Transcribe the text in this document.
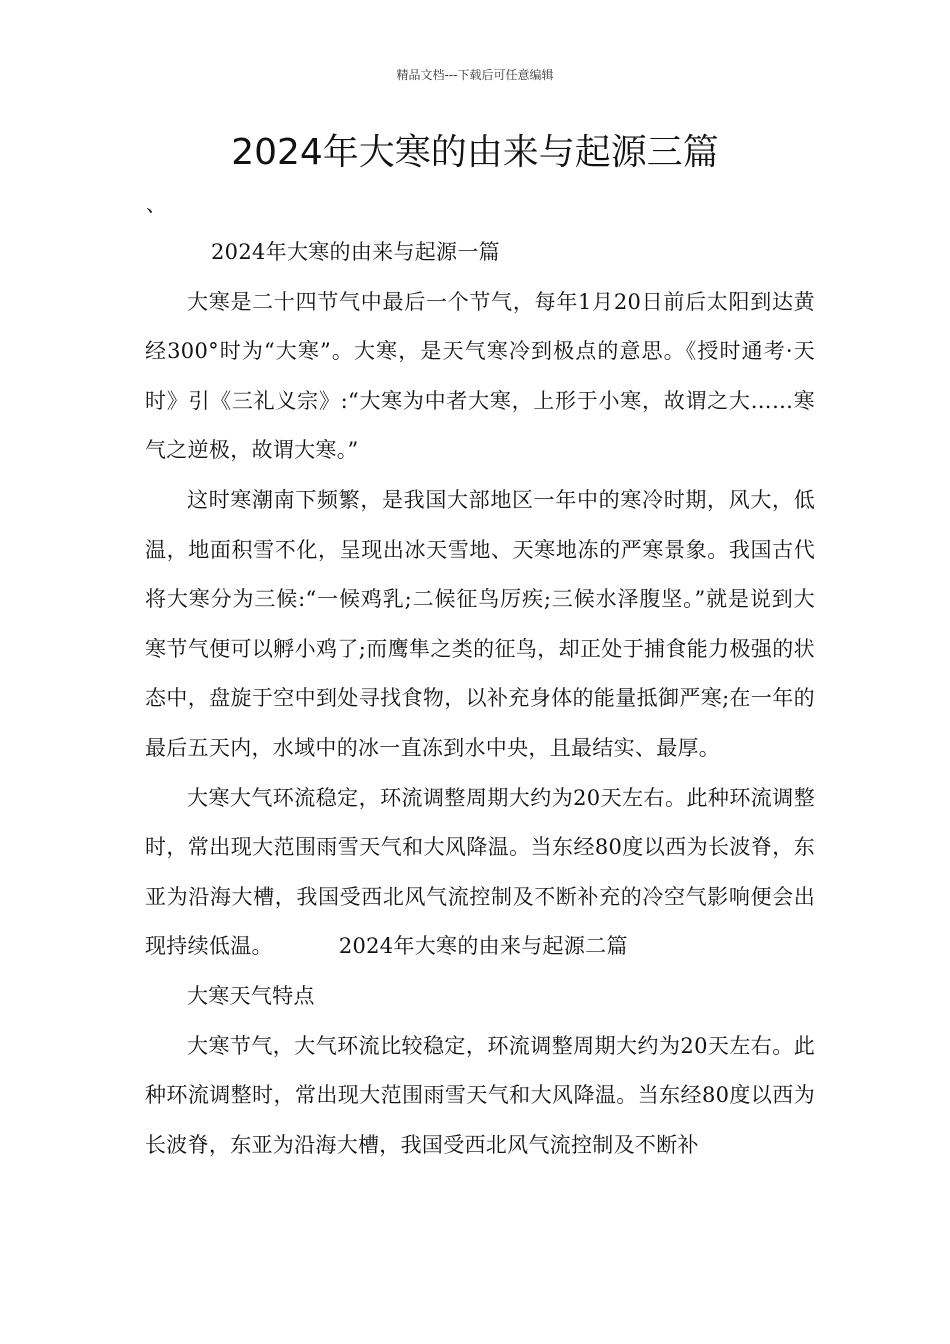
精品文档---下载后可任意编辑
2024年大寒的由来与起源三篇
、

2024年大寒的由来与起源一篇

大寒是二十四节气中最后一个节气，每年1月20日前后太阳到达黄经300°时为“大寒”。大寒，是天气寒冷到极点的意思。《授时通考·天时》引《三礼义宗》:“大寒为中者大寒，上形于小寒，故谓之大……寒气之逆极，故谓大寒。”

这时寒潮南下频繁，是我国大部地区一年中的寒冷时期，风大，低温，地面积雪不化，呈现出冰天雪地、天寒地冻的严寒景象。我国古代将大寒分为三候:“一候鸡乳;二候征鸟厉疾;三候水泽腹坚。”就是说到大寒节气便可以孵小鸡了;而鹰隼之类的征鸟，却正处于捕食能力极强的状态中，盘旋于空中到处寻找食物，以补充身体的能量抵御严寒;在一年的最后五天内，水域中的冰一直冻到水中央，且最结实、最厚。

大寒大气环流稳定，环流调整周期大约为20天左右。此种环流调整时，常出现大范围雨雪天气和大风降温。当东经80度以西为长波脊，东亚为沿海大槽，我国受西北风气流控制及不断补充的冷空气影响便会出现持续低温。	2024年大寒的由来与起源二篇

大寒天气特点

大寒节气，大气环流比较稳定，环流调整周期大约为20天左右。此种环流调整时，常出现大范围雨雪天气和大风降温。当东经80度以西为长波脊，东亚为沿海大槽，我国受西北风气流控制及不断补
